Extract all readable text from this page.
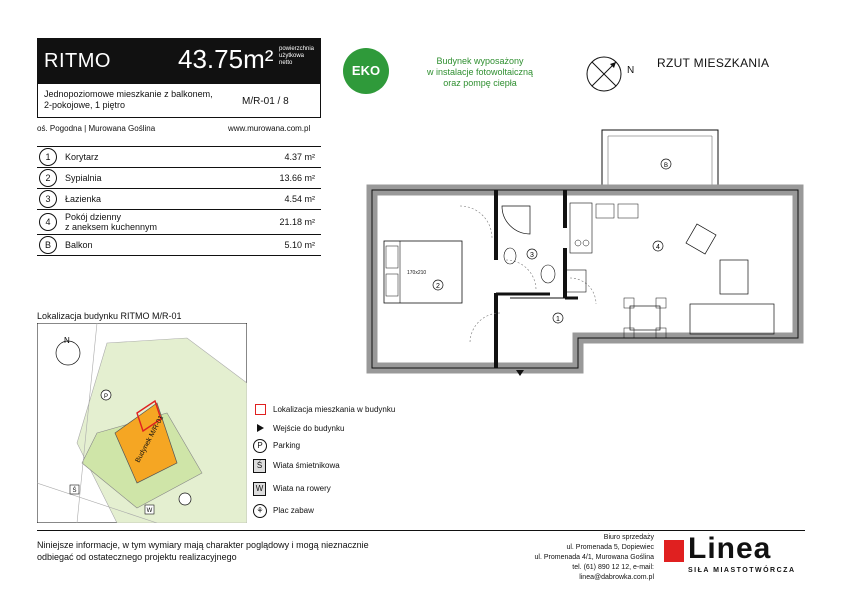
RITMO	43.75m² powierzchnia
użytkowa
netto
Jednopoziomowe mieszkanie z balkonem,
2-pokojowe, 1 piętro	M/R-01 / 8
oś. Pogodna | Murowana Goślina	www.murowana.com.pl
1	Korytarz	4.37 m²
2	Sypialnia	13.66 m²
3	Łazienka	4.54 m²
4	Pokój dzienny
z aneksem kuchennym	21.18 m²
B	Balkon	5.10 m²
EKO
Budynek wyposażony
w instalacje fotowoltaiczną
oraz pompę ciepła
N
RZUT MIESZKANIA
170x210
1
2
3
4
B
Lokalizacja budynku RITMO M/R-01
Budynek M/R-01
N
P
Ś
W
Lokalizacja mieszkania w budynku
Wejście do budynku
P	Parking
Ś	Wiata śmietnikowa
W	Wiata na rowery
⚘	Plac zabaw
Niniejsze informacje, w tym wymiary mają charakter poglądowy i mogą nieznacznie
odbiegać od ostatecznego projektu realizacyjnego
Biuro sprzedaży
ul. Promenada 5, Dopiewiec
ul. Promenada 4/1, Murowana Goślina
tel. (61) 890 12 12, e-mail: linea@dabrowka.com.pl
Linea
SIŁA MIASTOTWÓRCZA
